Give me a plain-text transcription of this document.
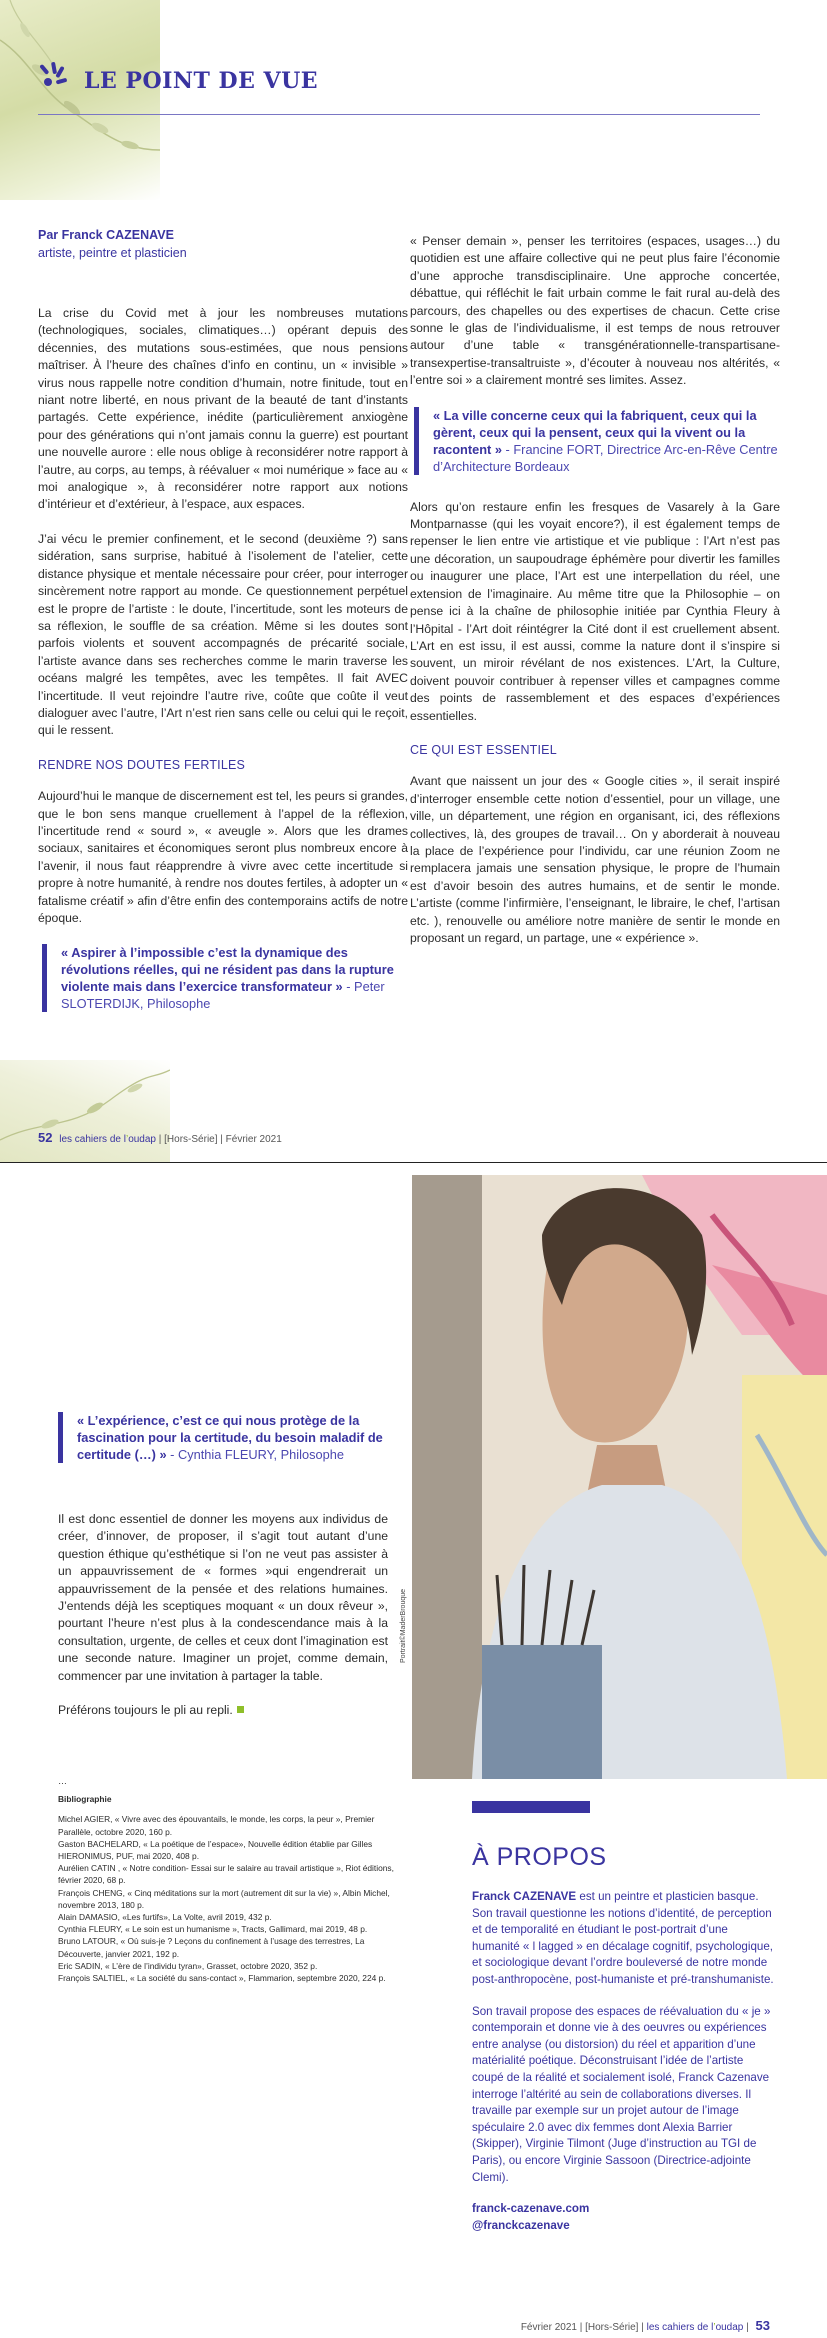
LE POINT DE VUE
Par Franck CAZENAVE
artiste, peintre et plasticien

La crise du Covid met à jour les nombreuses mutations (technologiques, sociales, climatiques…) opérant depuis des décennies, des mutations sous-estimées, que nous pensions maîtriser. À l’heure des chaînes d’info en continu, un « invisible » virus nous rappelle notre condition d’humain, notre finitude, tout en niant notre liberté, en nous privant de la beauté de tant d’instants partagés. Cette expérience, inédite (particulièrement anxiogène pour des générations qui n’ont jamais connu la guerre) est pourtant une nouvelle aurore : elle nous oblige à reconsidérer notre rapport à l’autre, au corps, au temps, à réévaluer « moi numérique » face au « moi analogique », à reconsidérer notre rapport aux notions d’intérieur et d’extérieur, à l’espace, aux espaces.

J’ai vécu le premier confinement, et le second (deuxième ?) sans sidération, sans surprise, habitué à l’isolement de l’atelier, cette distance physique et mentale nécessaire pour créer, pour interroger sincèrement notre rapport au monde. Ce questionnement perpétuel est le propre de l’artiste : le doute, l’incertitude, sont les moteurs de sa réflexion, le souffle de sa création. Même si les doutes sont parfois violents et souvent accompagnés de précarité sociale, l’artiste avance dans ses recherches comme le marin traverse les océans malgré les tempêtes, avec les tempêtes. Il fait AVEC l’incertitude. Il veut rejoindre l’autre rive, coûte que coûte il veut dialoguer avec l’autre, l’Art n’est rien sans celle ou celui qui le reçoit, qui le ressent.

RENDRE NOS DOUTES FERTILES

Aujourd’hui le manque de discernement est tel, les peurs si grandes, que le bon sens manque cruellement à l’appel de la réflexion, l’incertitude rend « sourd », « aveugle ». Alors que les drames sociaux, sanitaires et économiques seront plus nombreux encore à l’avenir, il nous faut réapprendre à vivre avec cette incertitude si propre à notre humanité, à rendre nos doutes fertiles, à adopter un « fatalisme créatif » afin d’être enfin des contemporains actifs de notre époque.

« Aspirer à l’impossible c’est la dynamique des révolutions réelles, qui ne résident pas dans la rupture violente mais dans l’exercice transformateur » - Peter SLOTERDIJK, Philosophe

« Penser demain », penser les territoires (espaces, usages…) du quotidien est une affaire collective qui ne peut plus faire l’économie d’une approche transdisciplinaire. Une approche concertée, débattue, qui réfléchit le fait urbain comme le fait rural au-delà des parcours, des chapelles ou des expertises de chacun. Cette crise sonne le glas de l’individualisme, il est temps de nous retrouver autour d’une table « transgénérationnelle-transpartisane-transexpertise-transaltruiste », d’écouter à nouveau nos altérités, « l’entre soi » a clairement montré ses limites. Assez.

« La ville concerne ceux qui la fabriquent, ceux qui la gèrent, ceux qui la pensent, ceux qui la vivent ou la racontent » - Francine FORT, Directrice Arc-en-Rêve Centre d’Architecture Bordeaux

Alors qu’on restaure enfin les fresques de Vasarely à la Gare Montparnasse (qui les voyait encore?), il est également temps de repenser le lien entre vie artistique et vie publique : l’Art n’est pas une décoration, un saupoudrage éphémère pour divertir les familles ou inaugurer une place, l’Art est une interpellation du réel, une extension de l’imaginaire. Au même titre que la Philosophie – on pense ici à la chaîne de philosophie initiée par Cynthia Fleury à l’Hôpital - l’Art doit réintégrer la Cité dont il est cruellement absent. L’Art en est issu, il est aussi, comme la nature dont il s’inspire si souvent, un miroir révélant de nos existences. L’Art, la Culture, doivent pouvoir contribuer à repenser villes et campagnes comme des points de rassemblement et des espaces d’expériences essentielles.

CE QUI EST ESSENTIEL

Avant que naissent un jour des « Google cities », il serait inspiré d’interroger ensemble cette notion d’essentiel, pour un village, une ville, un département, une région en organisant, ici, des réflexions collectives, là, des groupes de travail… On y aborderait à nouveau la place de l’expérience pour l’individu, car une réunion Zoom ne remplacera jamais une sensation physique, le propre de l’humain est d’avoir besoin des autres humains, et de sentir le monde. L’artiste (comme l’infirmière, l’enseignant, le libraire, le chef, l’artisan etc. ), renouvelle ou améliore notre manière de sentir le monde en proposant un regard, un partage, une « expérience ».

52 les cahiers de l’oudap | [Hors-Série] | Février 2021
Portrait©MaderBrouque
« L’expérience, c’est ce qui nous protège de la fascination pour la certitude, du besoin maladif de certitude (…) » - Cynthia FLEURY, Philosophe

Il est donc essentiel de donner les moyens aux individus de créer, d’innover, de proposer, il s’agit tout autant d’une question éthique qu’esthétique si l’on ne veut pas assister à un appauvrissement de « formes »qui engendrerait un appauvrissement de la pensée et des relations humaines. J’entends déjà les sceptiques moquant « un doux rêveur », pourtant l’heure n’est plus à la condescendance mais à la consultation, urgente, de celles et ceux dont l’imagination est une seconde nature. Imaginer un projet, comme demain, commencer par une invitation à partager la table.

Préférons toujours le pli au repli.

…
Bibliographie
Michel AGIER, « Vivre avec des épouvantails, le monde, les corps, la peur », Premier Parallèle, octobre 2020, 160 p.
Gaston BACHELARD, « La poétique de l’espace», Nouvelle édition établie par Gilles HIERONIMUS, PUF, mai 2020, 408 p.
Aurélien CATIN , « Notre condition- Essai sur le salaire au travail artistique », Riot éditions, février 2020, 68 p.
François CHENG, « Cinq méditations sur la mort (autrement dit sur la vie) », Albin Michel, novembre 2013, 180 p.
Alain DAMASIO, «Les furtifs», La Volte, avril 2019, 432 p.
Cynthia FLEURY, « Le soin est un humanisme », Tracts, Gallimard, mai 2019, 48 p.
Bruno LATOUR, « Où suis-je ? Leçons du confinement à l’usage des terrestres, La Découverte, janvier 2021, 192 p.
Eric SADIN, « L’ère de l’individu tyran», Grasset, octobre 2020, 352 p.
François SALTIEL, « La société du sans-contact », Flammarion, septembre 2020, 224 p.
À PROPOS

Franck CAZENAVE est un peintre et plasticien basque. Son travail questionne les notions d’identité, de perception et de temporalité en étudiant le post-portrait d’une humanité « l lagged » en décalage cognitif, psychologique, et sociologique devant l’ordre bouleversé de notre monde post-anthropocène, post-humaniste et pré-transhumaniste.

Son travail propose des espaces de réévaluation du « je » contemporain et donne vie à des oeuvres ou expériences entre analyse (ou distorsion) du réel et apparition d’une matérialité poétique. Déconstruisant l’idée de l’artiste coupé de la réalité et socialement isolé, Franck Cazenave interroge l’altérité au sein de collaborations diverses. Il travaille par exemple sur un projet autour de l’image spéculaire 2.0 avec dix femmes dont Alexia Barrier (Skipper), Virginie Tilmont (Juge d’instruction au TGI de Paris), ou encore Virginie Sassoon (Directrice-adjointe Clemi).

franck-cazenave.com
@franckcazenave
Février 2021 | [Hors-Série] | les cahiers de l’oudap | 53
